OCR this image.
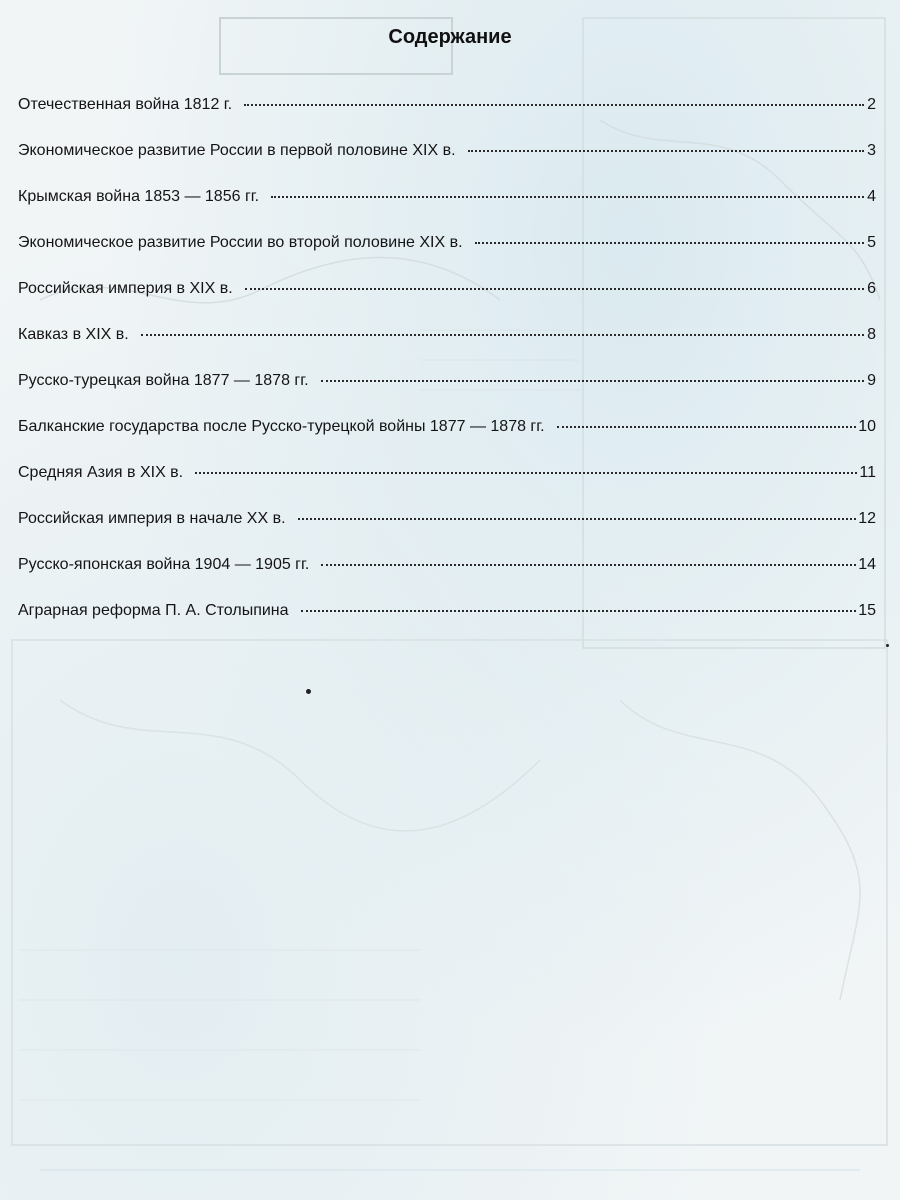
Содержание
Отечественная война 1812 г.	2
Экономическое развитие России в первой половине XIX в.	3
Крымская война 1853 — 1856 гг.	4
Экономическое развитие России во второй половине XIX в.	5
Российская империя в XIX в.	6
Кавказ в XIX в.	8
Русско-турецкая война 1877 — 1878 гг.	9
Балканские государства после Русско-турецкой войны 1877 — 1878 гг.	10
Средняя Азия в XIX в.	11
Российская империя в начале XX в.	12
Русско-японская война 1904 — 1905 гг.	14
Аграрная реформа П. А. Столыпина	15
